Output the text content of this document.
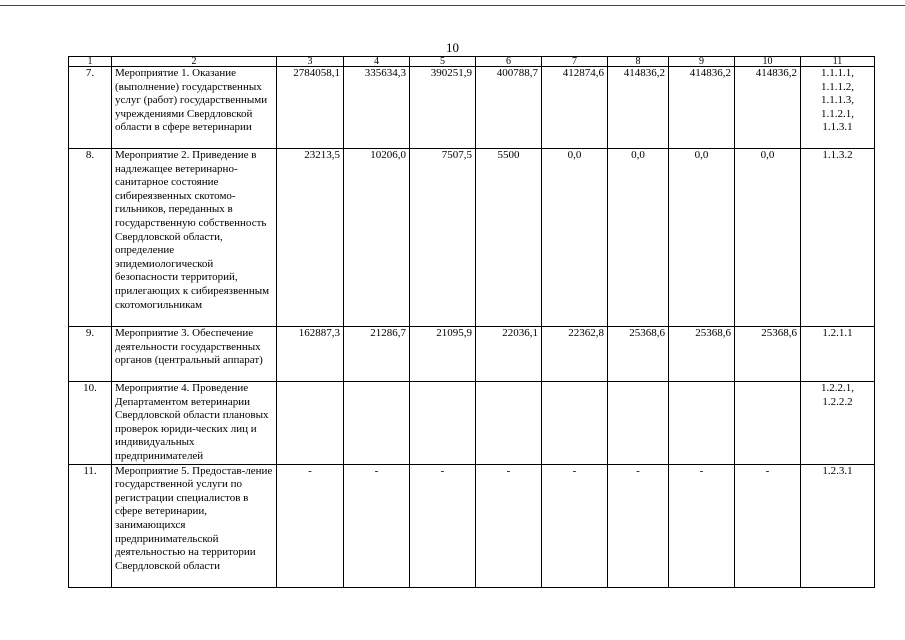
10
1	2	3	4	5	6	7	8	9	10	11
7.	Мероприятие 1. Оказание (выполнение) государственных услуг (работ) государственными учреждениями Свердловской области в сфере ветеринарии	2784058,1	335634,3	390251,9	400788,7	412874,6	414836,2	414836,2	414836,2	1.1.1.1,
1.1.1.2,
1.1.1.3,
1.1.2.1,
1.1.3.1

8.	Мероприятие 2. Приведение в надлежащее ветеринарно-санитарное состояние сибиреязвенных скотомо-гильников, переданных в государственную собственность Свердловской области, определение эпидемиологической безопасности территорий, прилегающих к сибиреязвенным скотомогильникам	23213,5	10206,0	7507,5	5500	0,0	0,0	0,0	0,0	1.1.3.2

9.	Мероприятие 3. Обеспечение деятельности государственных органов (центральный аппарат)	162887,3	21286,7	21095,9	22036,1	22362,8	25368,6	25368,6	25368,6	1.2.1.1

10.	Мероприятие 4. Проведение Департаментом ветеринарии Свердловской области плановых проверок юриди-ческих лиц и индивидуальных предпринимателей									1.2.2.1,
1.2.2.2

11.	Мероприятие 5. Предостав-ление государственной услуги по регистрации специалистов в сфере ветеринарии, занимающихся предпринимательской деятельностью на территории Свердловской области	-	-	-	-	-	-	-	-	1.2.3.1
